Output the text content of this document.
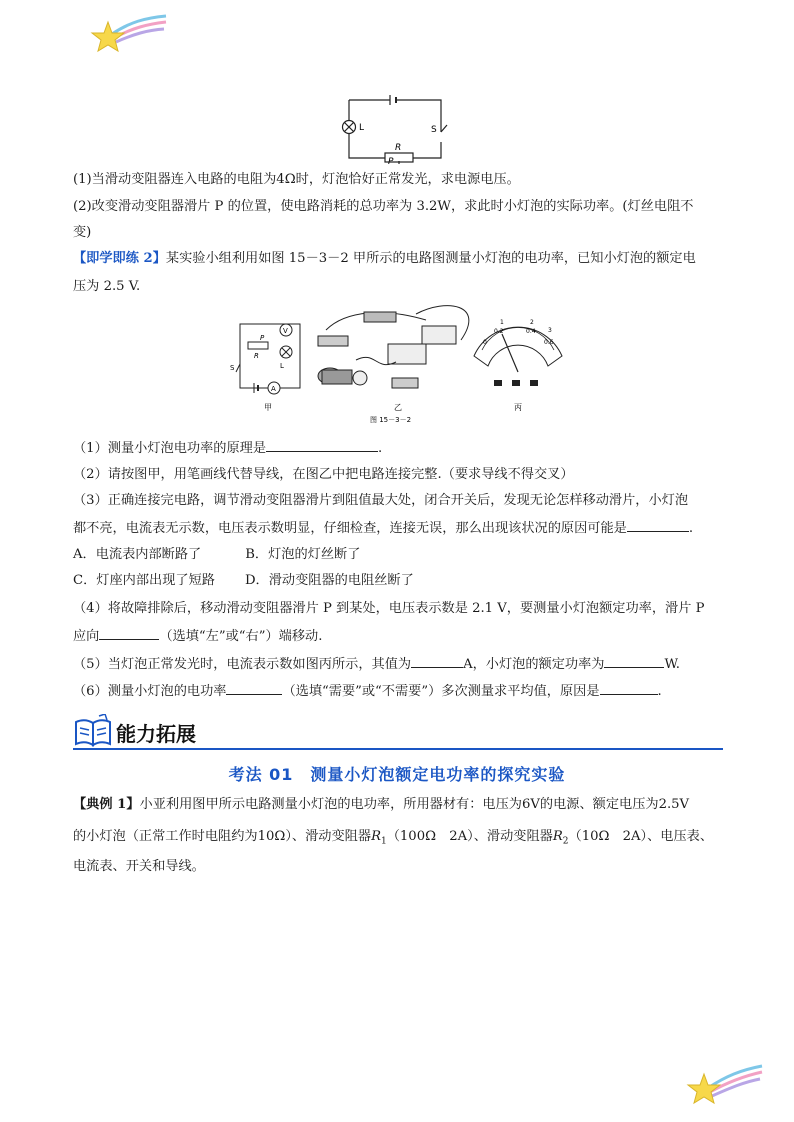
L	S
R
P
(1)当滑动变阻器连入电路的电阻为4Ω时，灯泡恰好正常发光，求电源电压。
(2)改变滑动变阻器滑片 P 的位置，使电路消耗的总功率为 3.2W，求此时小灯泡的实际功率。(灯丝电阻不
变)
【即学即练 2】某实验小组利用如图 15－3－2 甲所示的电路图测量小灯泡的电功率，已知小灯泡的额定电
压为 2.5 V.
V
A
L
R
P
S
甲	乙
图 15－3－2
0
0.2	0.4
0.6
1	2
3
丙
（1）测量小灯泡电功率的原理是	.
（2）请按图甲，用笔画线代替导线，在图乙中把电路连接完整.（要求导线不得交叉）
（3）正确连接完电路，调节滑动变阻器滑片到阻值最大处，闭合开关后，发现无论怎样移动滑片，小灯泡
都不亮，电流表无示数，电压表示数明显，仔细检查，连接无误，那么出现该状况的原因可能是	.
A．电流表内部断路了	B．灯泡的灯丝断了
C．灯座内部出现了短路 D．滑动变阻器的电阻丝断了
（4）将故障排除后，移动滑动变阻器滑片 P 到某处，电压表示数是 2.1 V，要测量小灯泡额定功率，滑片 P
应向	（选填“左”或“右”）端移动.
（5）当灯泡正常发光时，电流表示数如图丙所示，其值为	A，小灯泡的额定功率为	W.
（6）测量小灯泡的电功率	（选填“需要”或“不需要”）多次测量求平均值，原因是	.
能力拓展
考法 01　测量小灯泡额定电功率的探究实验
【典例 1】小亚利用图甲所示电路测量小灯泡的电功率，所用器材有：电压为6V的电源、额定电压为2.5V
的小灯泡（正常工作时电阻约为10Ω）、滑动变阻器$R_1(100\Omega$　2A）、滑动变阻器$R_2(10\Omega$　2A）、电压表、
电流表、开关和导线。
